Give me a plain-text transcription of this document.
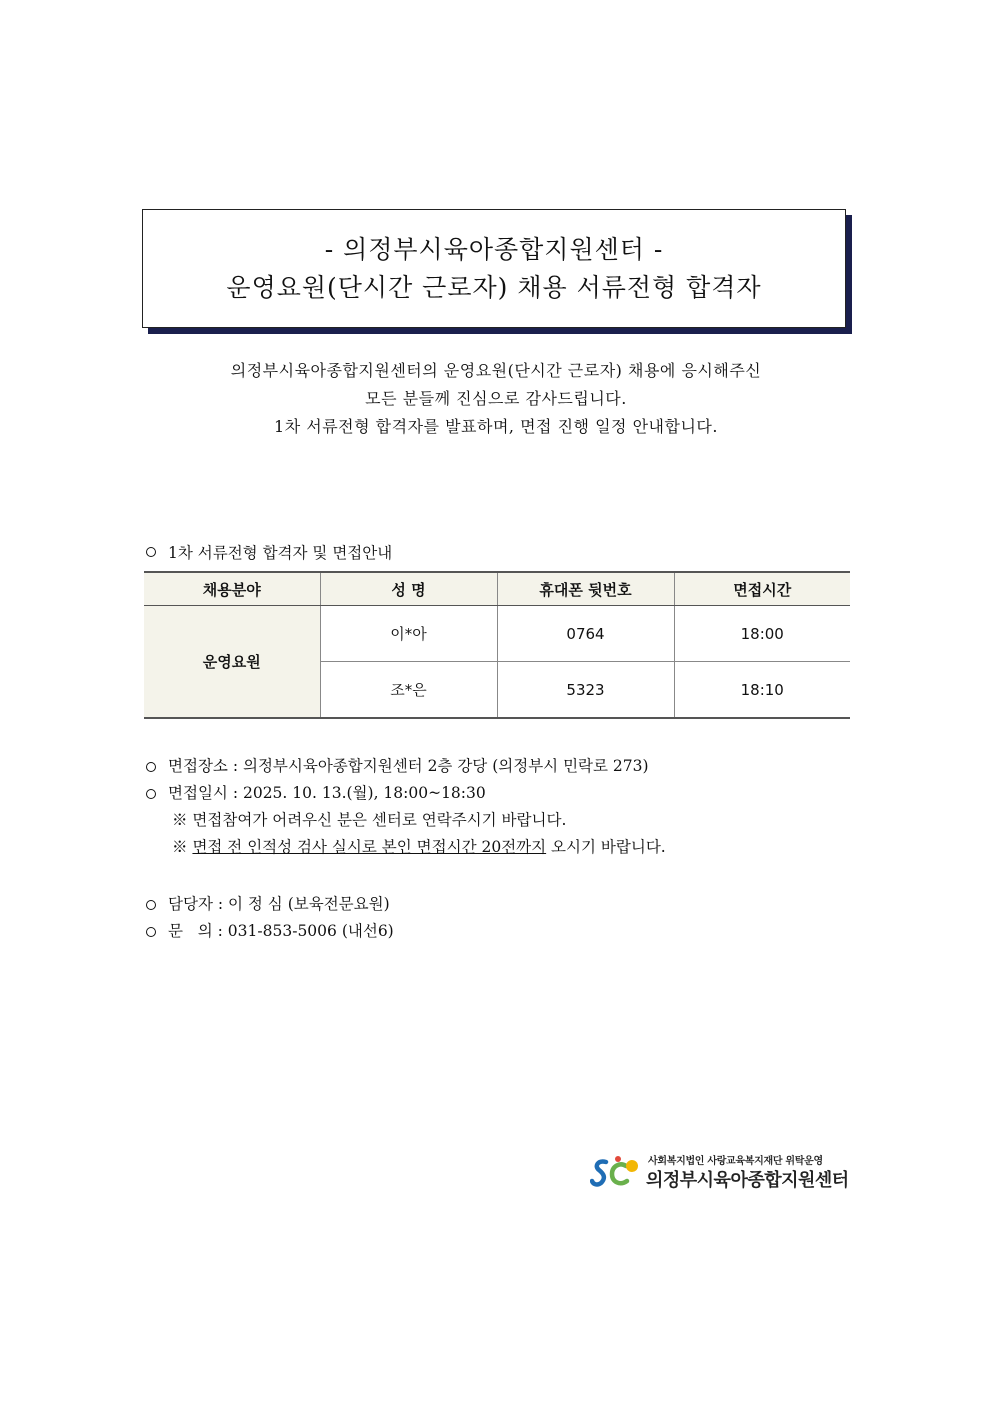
- 의정부시육아종합지원센터 -
운영요원(단시간 근로자) 채용 서류전형 합격자
의정부시육아종합지원센터의 운영요원(단시간 근로자) 채용에 응시해주신
모든 분들께 진심으로 감사드립니다.
1차 서류전형 합격자를 발표하며, 면접 진행 일정 안내합니다.
1차 서류전형 합격자 및 면접안내
채용분야	성 명	휴대폰 뒷번호	면접시간
운영요원	이*아	0764	18:00
	조*은	5323	18:10
면접장소 : 의정부시육아종합지원센터 2층 강당 (의정부시 민락로 273)
면접일시 : 2025. 10. 13.(월), 18:00~18:30
※ 면접참여가 어려우신 분은 센터로 연락주시기 바랍니다.
※ 면접 전 인적성 검사 실시로 본인 면접시간 20전까지 오시기 바랍니다.
담당자 : 이 정 심 (보육전문요원)
문   의 : 031-853-5006 (내선6)
사회복지법인 사랑교육복지재단 위탁운영
의정부시육아종합지원센터
